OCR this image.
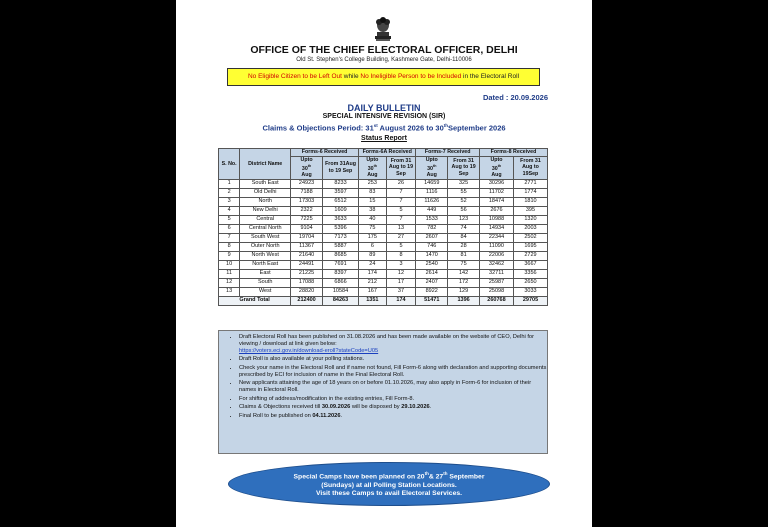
OFFICE OF THE CHIEF ELECTORAL OFFICER, DELHI
Old St. Stephen's College Building, Kashmere Gate, Delhi-110006
No Eligible Citizen to be Left Out while No Ineligible Person to be Included in the Electoral Roll
Dated : 20.09.2026
DAILY BULLETIN
SPECIAL INTENSIVE REVISION (SIR)
Claims & Objections Period: 31st August 2026 to 30thSeptember 2026
Status Report
S. No.	District Name	Forms-6 Received		Forms-6A Received		Forms-7 Received		Forms-8 Received	
		Upto
30th
Aug	From 31Aug to 19 Sep	Upto
30th
Aug	From 31 Aug to 19 Sep	Upto
30th
Aug	From 31 Aug to 19 Sep	Upto
30th
Aug	From 31 Aug to 19Sep
1	South East	24923	8233	253	26	14659	325	30296	2771
2	Old Delhi	7188	3597	83	7	1116	55	11702	1774
3	North	17303	6512	15	7	11626	52	18474	1810
4	New Delhi	2322	1609	38	5	449	56	2676	395
5	Central	7225	3633	40	7	1533	123	10988	1320
6	Central North	9104	5396	75	13	782	74	14934	2003
7	South West	19704	7173	175	27	2607	84	22344	2502
8	Outer North	11367	5887	6	5	746	28	11090	1695
9	North West	21640	8685	89	8	1470	81	22006	2729
10	North East	24491	7691	24	3	2540	75	32462	3667
11	East	21225	8397	174	12	2614	142	32711	3356
12	South	17088	6866	212	17	2407	172	25987	2650
13	West	28820	10584	167	37	8922	129	25098	3033
Grand Total		212400	84263	1351	174	51471	1396	260768	29705
• Draft Electoral Roll has been published on 31.08.2026 and has been made available on the website of CEO, Delhi for viewing / download at link given below:
https://voters.eci.gov.in/download-eroll?stateCode=U05
• Draft Roll is also available at your polling stations.
• Check your name in the Electoral Roll and if name not found, Fill Form-6 along with declaration and supporting documents prescribed by ECI for inclusion of name in the Final Electoral Roll.
• New applicants attaining the age of 18 years on or before 01.10.2026, may also apply in Form-6 for inclusion of their names in Electoral Roll.
• For shifting of address/modification in the existing entries, Fill Form-8.
• Claims & Objections received till 30.09.2026 will be disposed by 29.10.2026.
• Final Roll to be published on 04.11.2026.
Special Camps have been planned on 20th& 27th September
(Sundays) at all Polling Station Locations.
Visit these Camps to avail Electoral Services.
